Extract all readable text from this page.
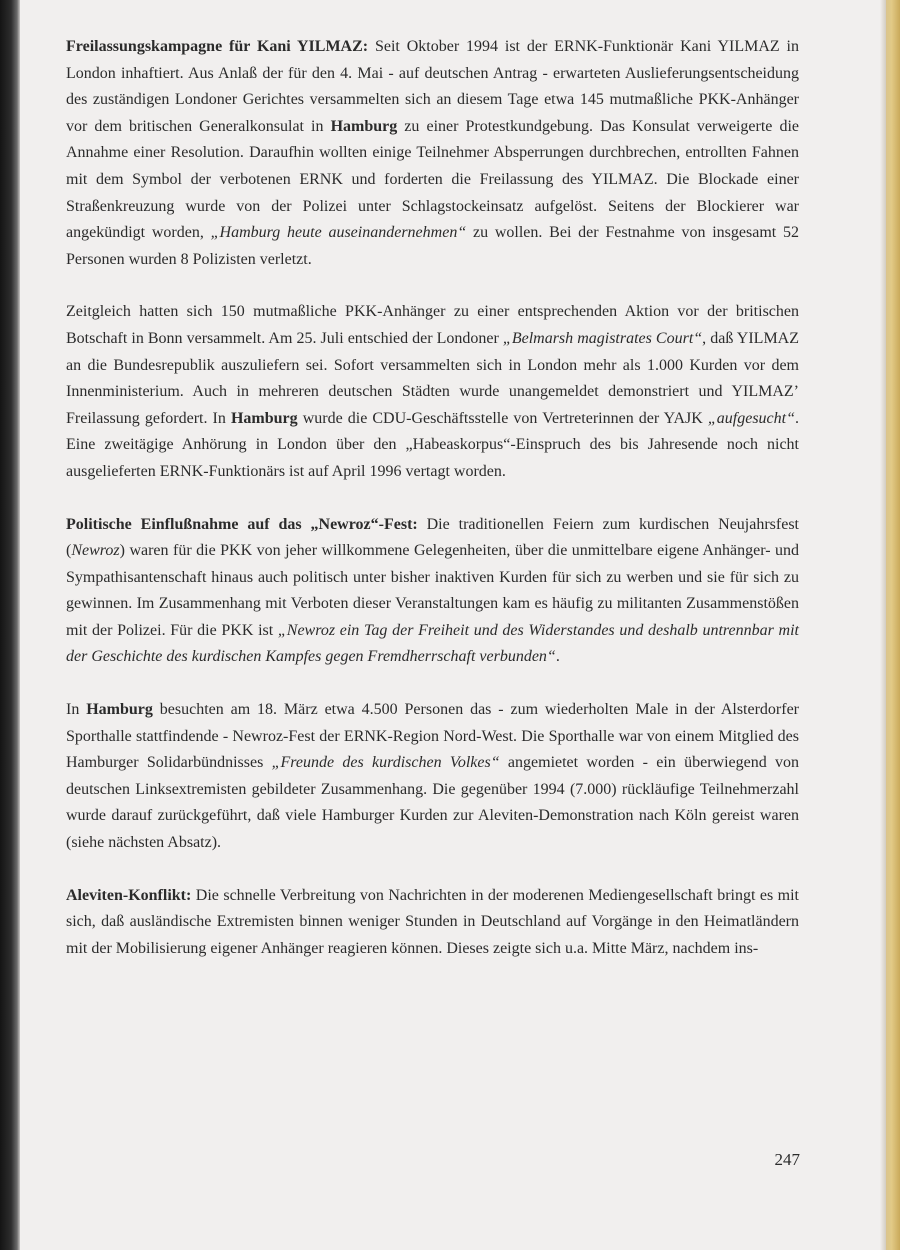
Freilassungskampagne für Kani YILMAZ: Seit Oktober 1994 ist der ERNK-Funktionär Kani YILMAZ in London inhaftiert. Aus Anlaß der für den 4. Mai - auf deutschen Antrag - erwarteten Auslieferungsentscheidung des zuständigen Londoner Gerichtes versammelten sich an diesem Tage etwa 145 mutmaßliche PKK-Anhänger vor dem britischen Generalkonsulat in Hamburg zu einer Protestkundgebung. Das Konsulat verweigerte die Annahme einer Resolution. Daraufhin wollten einige Teilnehmer Absperrungen durchbrechen, entrollten Fahnen mit dem Symbol der verbotenen ERNK und forderten die Freilassung des YILMAZ. Die Blockade einer Straßenkreuzung wurde von der Polizei unter Schlagstockeinsatz aufgelöst. Seitens der Blockierer war angekündigt worden, „Hamburg heute auseinandernehmen“ zu wollen. Bei der Festnahme von insgesamt 52 Personen wurden 8 Polizisten verletzt.

Zeitgleich hatten sich 150 mutmaßliche PKK-Anhänger zu einer entsprechenden Aktion vor der britischen Botschaft in Bonn versammelt. Am 25. Juli entschied der Londoner „Belmarsh magistrates Court“, daß YILMAZ an die Bundesrepublik auszuliefern sei. Sofort versammelten sich in London mehr als 1.000 Kurden vor dem Innenministerium. Auch in mehreren deutschen Städten wurde unangemeldet demonstriert und YILMAZ’ Freilassung gefordert. In Hamburg wurde die CDU-Geschäftsstelle von Vertreterinnen der YAJK „aufgesucht“. Eine zweitägige Anhörung in London über den „Habeaskorpus“-Einspruch des bis Jahresende noch nicht ausgelieferten ERNK-Funktionärs ist auf April 1996 vertagt worden.

Politische Einflußnahme auf das „Newroz“-Fest: Die traditionellen Feiern zum kurdischen Neujahrsfest (Newroz) waren für die PKK von jeher willkommene Gelegenheiten, über die unmittelbare eigene Anhänger- und Sympathisantenschaft hinaus auch politisch unter bisher inaktiven Kurden für sich zu werben und sie für sich zu gewinnen. Im Zusammenhang mit Verboten dieser Veranstaltungen kam es häufig zu militanten Zusammenstößen mit der Polizei. Für die PKK ist „Newroz ein Tag der Freiheit und des Widerstandes und deshalb untrennbar mit der Geschichte des kurdischen Kampfes gegen Fremdherrschaft verbunden“.

In Hamburg besuchten am 18. März etwa 4.500 Personen das - zum wiederholten Male in der Alsterdorfer Sporthalle stattfindende - Newroz-Fest der ERNK-Region Nord-West. Die Sporthalle war von einem Mitglied des Hamburger Solidarbündnisses „Freunde des kurdischen Volkes“ angemietet worden - ein überwiegend von deutschen Linksextremisten gebildeter Zusammenhang. Die gegenüber 1994 (7.000) rückläufige Teilnehmerzahl wurde darauf zurückgeführt, daß viele Hamburger Kurden zur Aleviten-Demonstration nach Köln gereist waren (siehe nächsten Absatz).

Aleviten-Konflikt: Die schnelle Verbreitung von Nachrichten in der moderenen Mediengesellschaft bringt es mit sich, daß ausländische Extremisten binnen weniger Stunden in Deutschland auf Vorgänge in den Heimatländern mit der Mobilisierung eigener Anhänger reagieren können. Dieses zeigte sich u.a. Mitte März, nachdem ins-

247
